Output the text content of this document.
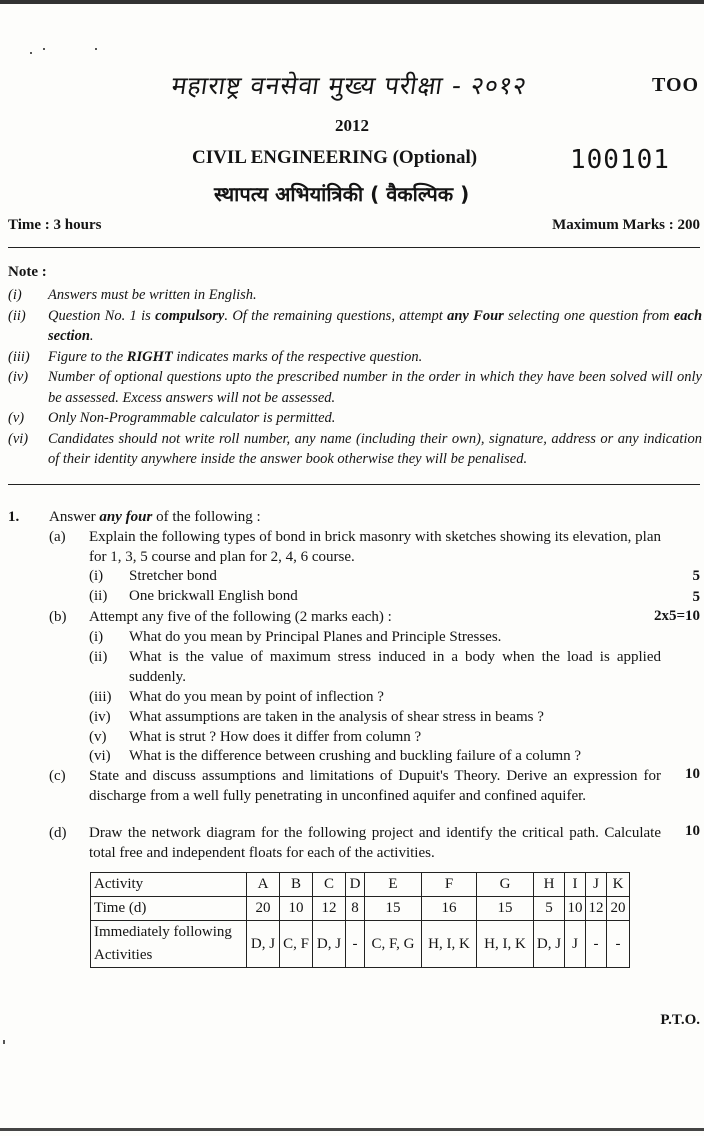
महाराष्ट्र वनसेवा मुख्य परीक्षा - २०१२	TOO
2012
CIVIL ENGINEERING (Optional)	100101
स्थापत्य अभियांत्रिकी ( वैकल्पिक )
Time : 3 hours	Maximum Marks : 200
Note :
(i)	Answers must be written in English.
(ii)	Question No. 1 is compulsory. Of the remaining questions, attempt any Four selecting one question from each section.
(iii)	Figure to the RIGHT indicates marks of the respective question.
(iv)	Number of optional questions upto the prescribed number in the order in which they have been solved will only be assessed. Excess answers will not be assessed.
(v)	Only Non-Programmable calculator is permitted.
(vi)	Candidates should not write roll number, any name (including their own), signature, address or any indication of their identity anywhere inside the answer book otherwise they will be penalised.
1. Answer any four of the following :
(a) Explain the following types of bond in brick masonry with sketches showing its elevation, plan for 1, 3, 5 course and plan for 2, 4, 6 course.
(i) Stretcher bond	5
(ii) One brickwall English bond	5
(b) Attempt any five of the following (2 marks each) :	2x5=10
(i) What do you mean by Principal Planes and Principle Stresses.
(ii) What is the value of maximum stress induced in a body when the load is applied suddenly.
(iii) What do you mean by point of inflection ?
(iv) What assumptions are taken in the analysis of shear stress in beams ?
(v) What is strut ? How does it differ from column ?
(vi) What is the difference between crushing and buckling failure of a column ?
(c) State and discuss assumptions and limitations of Dupuit's Theory. Derive an expression for discharge from a well fully penetrating in unconfined aquifer and confined aquifer.
10
(d) Draw the network diagram for the following project and identify the critical path. Calculate total free and independent floats for each of the activities.
10
Activity	A	B	C	D	E	F	G	H	I	J	K
Time (d)	20	10	12	8	15	16	15	5	10	12	20
Immediately following Activities	D, J	C, F	D, J	-	C, F, G	H, I, K	H, I, K	D, J	J	-	-
P.T.O.
